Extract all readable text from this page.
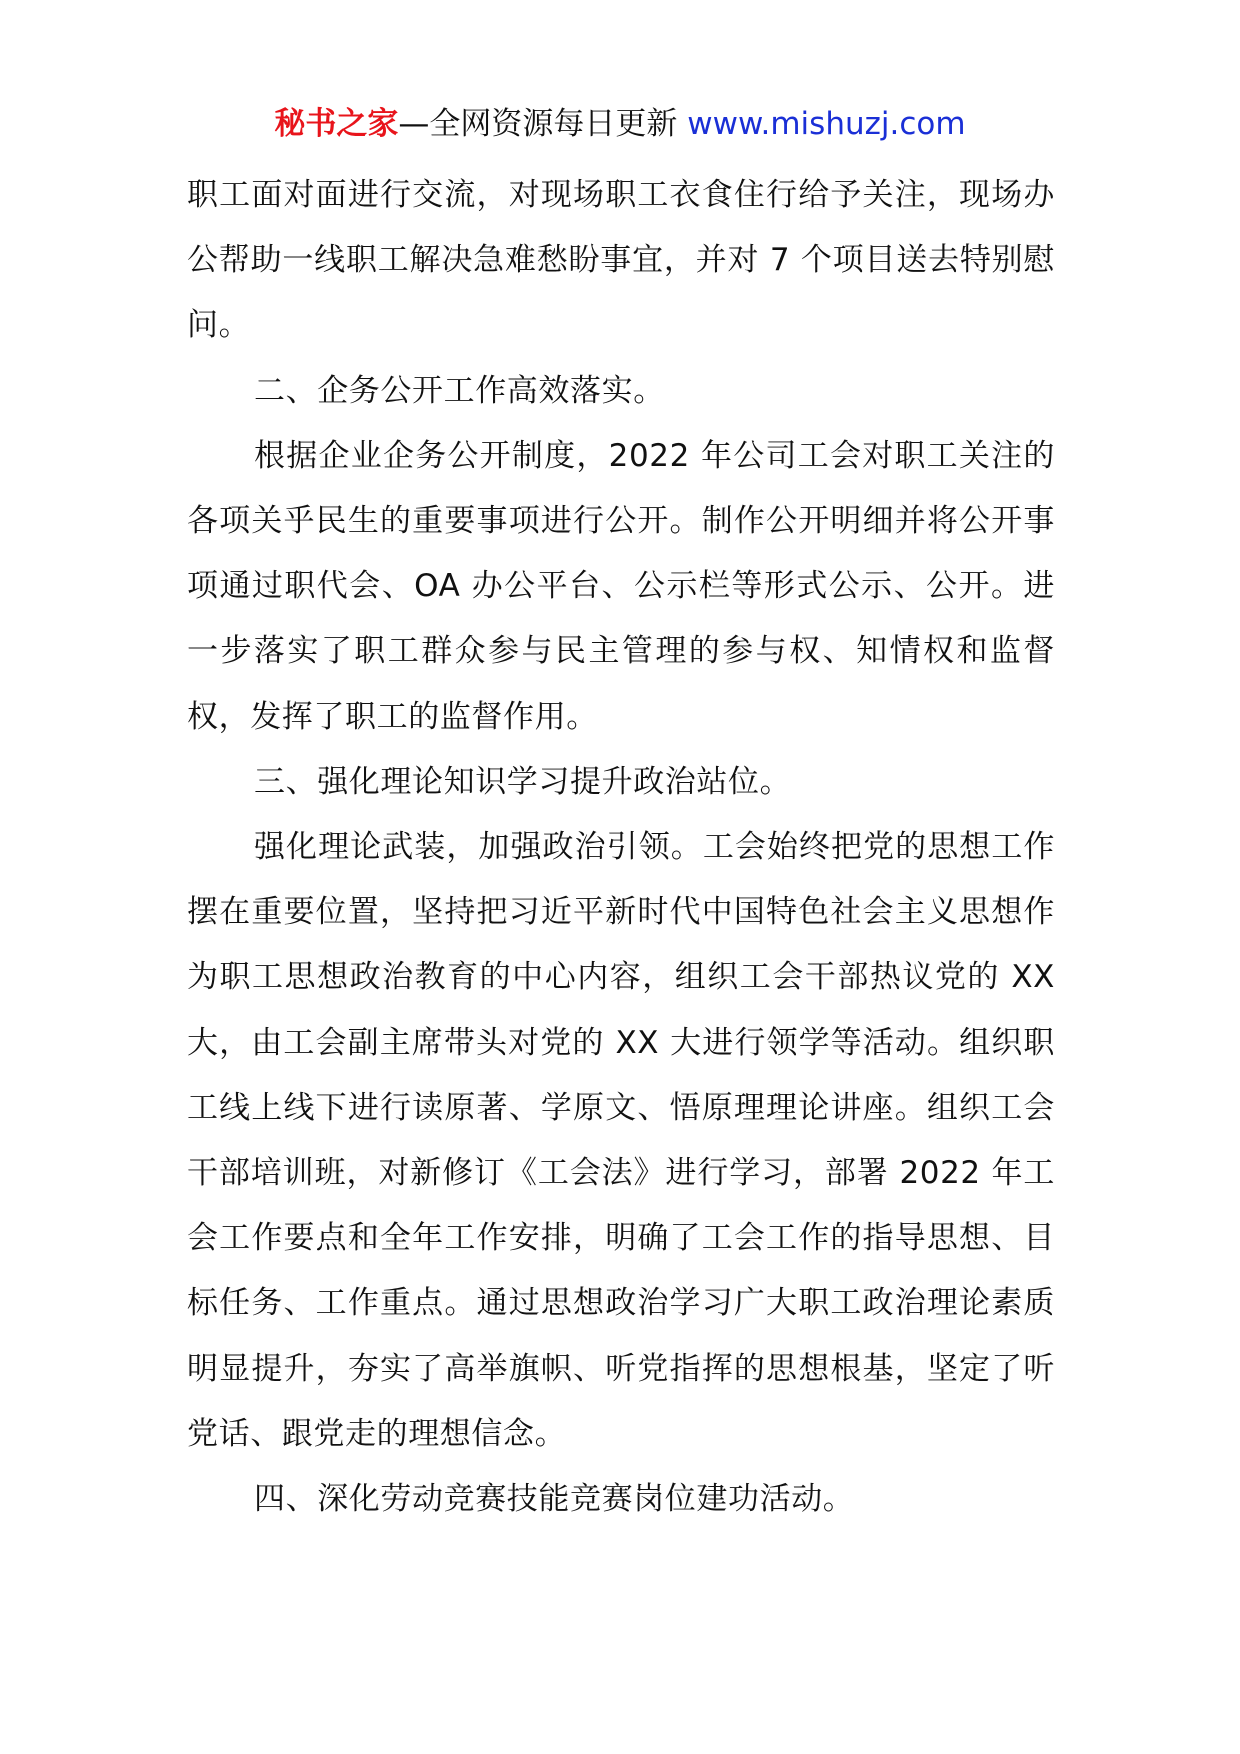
秘书之家—全网资源每日更新 www.mishuzj.com

职工面对面进行交流，对现场职工衣食住行给予关注，现场办公帮助一线职工解决急难愁盼事宜，并对 7 个项目送去特别慰问。

二、企务公开工作高效落实。

根据企业企务公开制度，2022 年公司工会对职工关注的各项关乎民生的重要事项进行公开。制作公开明细并将公开事项通过职代会、OA 办公平台、公示栏等形式公示、公开。进一步落实了职工群众参与民主管理的参与权、知情权和监督权，发挥了职工的监督作用。

三、强化理论知识学习提升政治站位。

强化理论武装，加强政治引领。工会始终把党的思想工作摆在重要位置，坚持把习近平新时代中国特色社会主义思想作为职工思想政治教育的中心内容，组织工会干部热议党的 XX 大，由工会副主席带头对党的 XX 大进行领学等活动。组织职工线上线下进行读原著、学原文、悟原理理论讲座。组织工会干部培训班，对新修订《工会法》进行学习，部署 2022 年工会工作要点和全年工作安排，明确了工会工作的指导思想、目标任务、工作重点。通过思想政治学习广大职工政治理论素质明显提升，夯实了高举旗帜、听党指挥的思想根基，坚定了听党话、跟党走的理想信念。

四、深化劳动竞赛技能竞赛岗位建功活动。
